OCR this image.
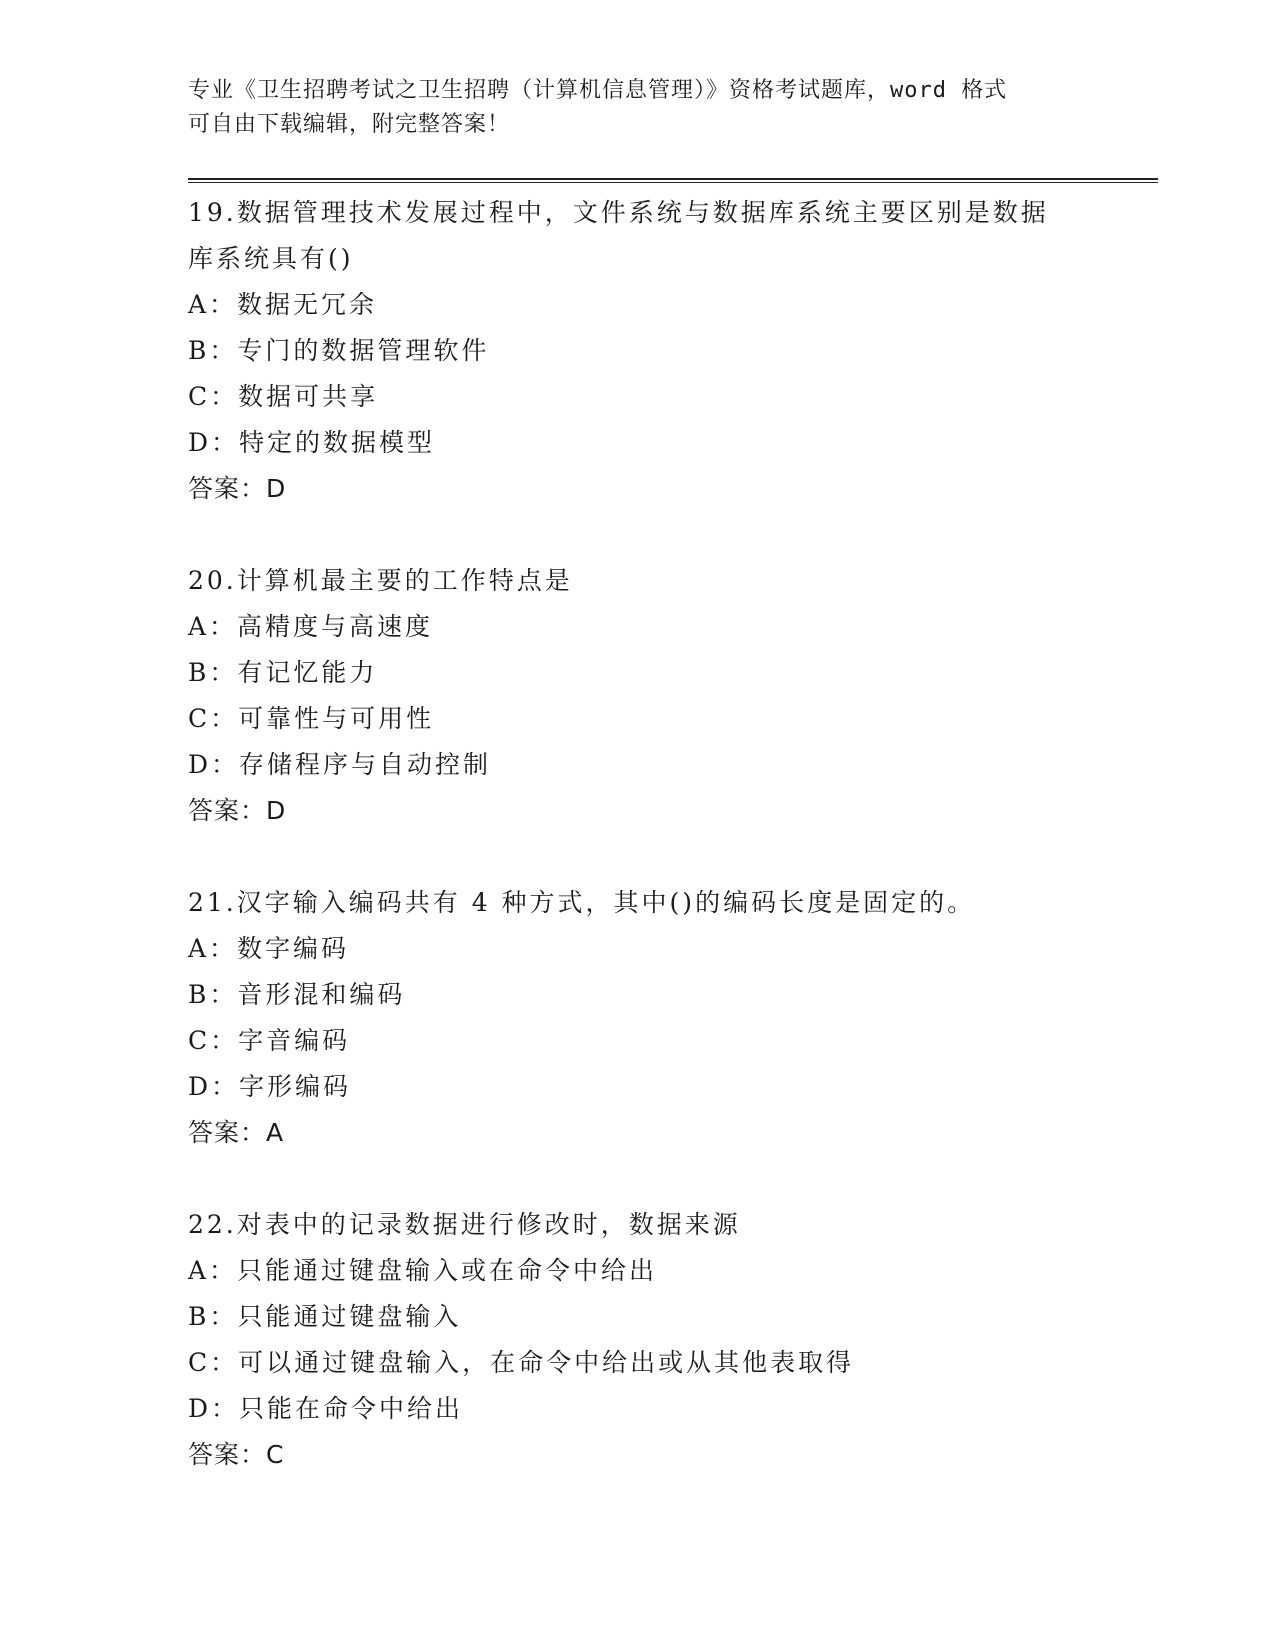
专业《卫生招聘考试之卫生招聘（计算机信息管理）》资格考试题库，word 格式
可自由下载编辑，附完整答案！
19.数据管理技术发展过程中，文件系统与数据库系统主要区别是数据
库系统具有()
A：数据无冗余
B：专门的数据管理软件
C：数据可共享
D：特定的数据模型
答案：D
20.计算机最主要的工作特点是
A：高精度与高速度
B：有记忆能力
C：可靠性与可用性
D：存储程序与自动控制
答案：D
21.汉字输入编码共有 4 种方式，其中()的编码长度是固定的。
A：数字编码
B：音形混和编码
C：字音编码
D：字形编码
答案：A
22.对表中的记录数据进行修改时，数据来源
A：只能通过键盘输入或在命令中给出
B：只能通过键盘输入
C：可以通过键盘输入，在命令中给出或从其他表取得
D：只能在命令中给出
答案：C
